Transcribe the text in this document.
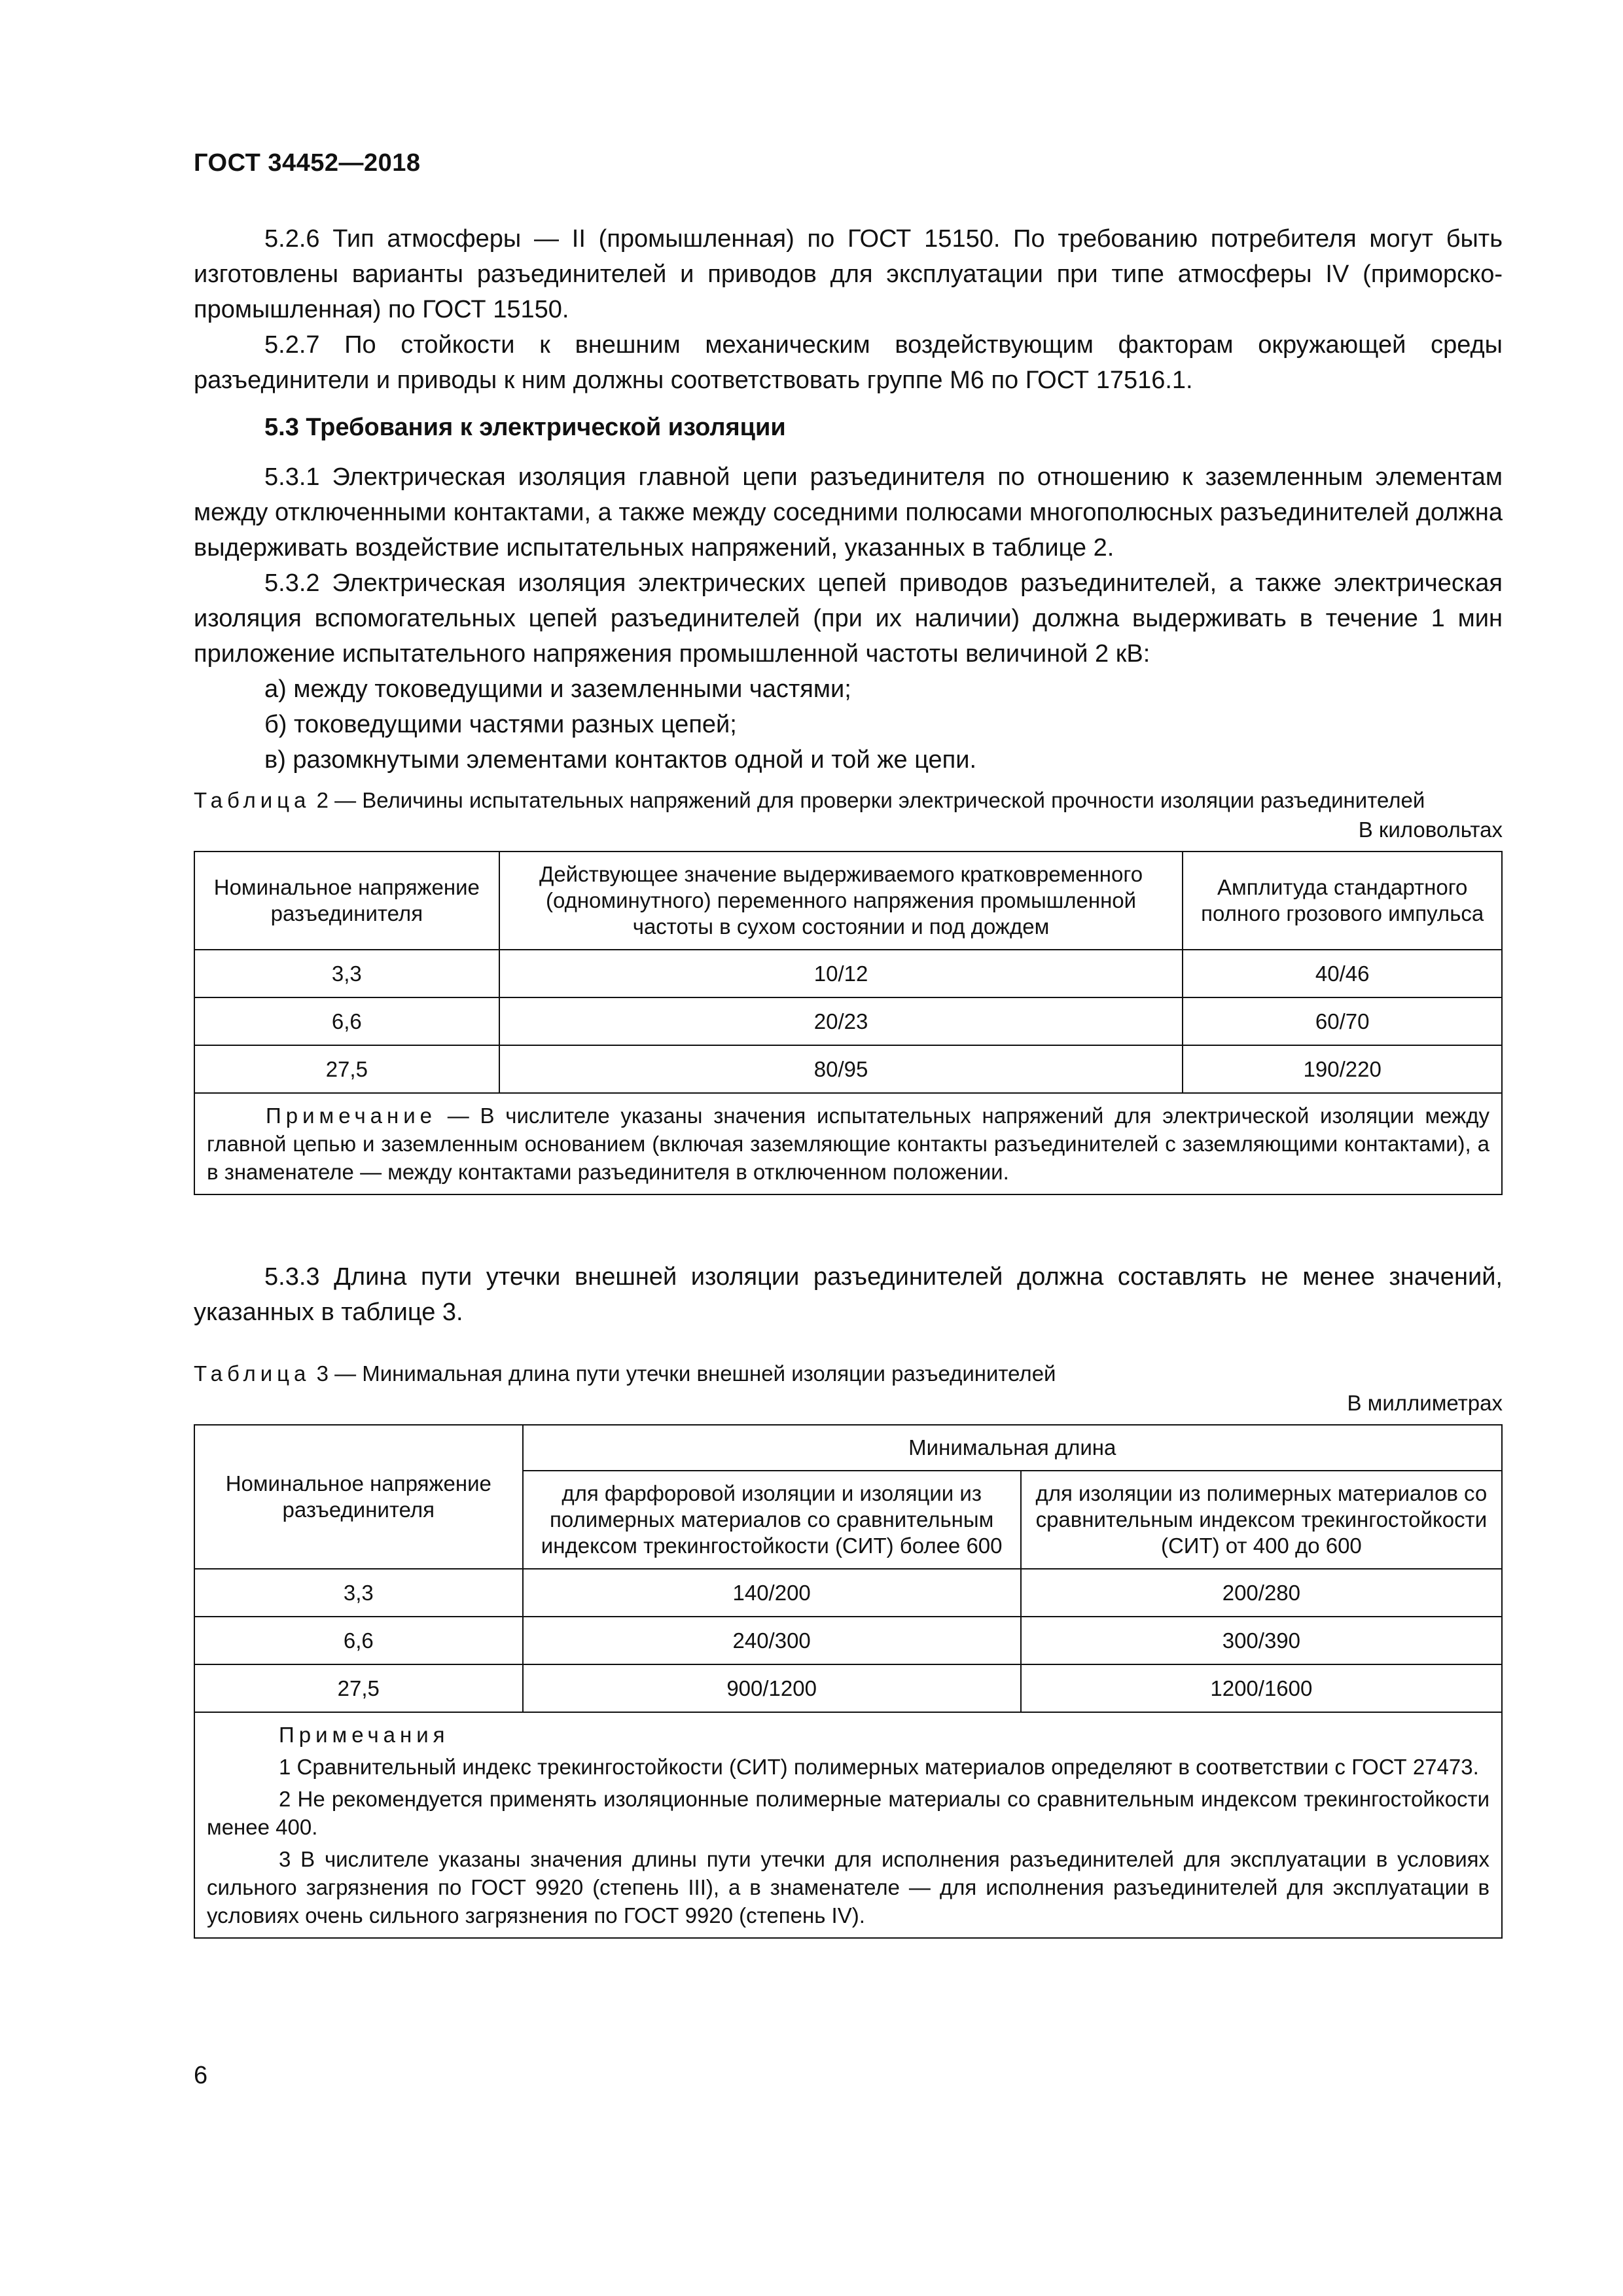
ГОСТ 34452—2018

5.2.6 Тип атмосферы — II (промышленная) по ГОСТ 15150. По требованию потребителя могут быть изготовлены варианты разъединителей и приводов для эксплуатации при типе атмосферы IV (приморско-промышленная) по ГОСТ 15150.

5.2.7 По стойкости к внешним механическим воздействующим факторам окружающей среды разъединители и приводы к ним должны соответствовать группе М6 по ГОСТ 17516.1.

5.3 Требования к электрической изоляции

5.3.1 Электрическая изоляция главной цепи разъединителя по отношению к заземленным элементам между отключенными контактами, а также между соседними полюсами многополюсных разъединителей должна выдерживать воздействие испытательных напряжений, указанных в таблице 2.

5.3.2 Электрическая изоляция электрических цепей приводов разъединителей, а также электрическая изоляция вспомогательных цепей разъединителей (при их наличии) должна выдерживать в течение 1 мин приложение испытательного напряжения промышленной частоты величиной 2 кВ:

а) между токоведущими и заземленными частями;

б) токоведущими частями разных цепей;

в) разомкнутыми элементами контактов одной и той же цепи.

Таблица 2 — Величины испытательных напряжений для проверки электрической прочности изоляции разъединителей

В киловольтах

Номинальное напряжение разъединителя	Действующее значение выдерживаемого кратковременного (одноминутного) переменного напряжения промышленной частоты в сухом состоянии и под дождем	Амплитуда стандартного полного грозового импульса
3,3	10/12	40/46
6,6	20/23	60/70
27,5	80/95	190/220
Примечание — В числителе указаны значения испытательных напряжений для электрической изоляции между главной цепью и заземленным основанием (включая заземляющие контакты разъединителей с заземляющими контактами), а в знаменателе — между контактами разъединителя в отключенном положении.		

5.3.3 Длина пути утечки внешней изоляции разъединителей должна составлять не менее значений, указанных в таблице 3.

Таблица 3 — Минимальная длина пути утечки внешней изоляции разъединителей

В миллиметрах

Номинальное напряжение разъединителя	Минимальная длина	
	для фарфоровой изоляции и изоляции из полимерных материалов со сравнительным индексом трекингостойкости (СИТ) более 600	для изоляции из полимерных материалов со сравнительным индексом трекингостойкости (СИТ) от 400 до 600
3,3	140/200	200/280
6,6	240/300	300/390
27,5	900/1200	1200/1600

Примечания

1 Сравнительный индекс трекингостойкости (СИТ) полимерных материалов определяют в соответствии с ГОСТ 27473.

2 Не рекомендуется применять изоляционные полимерные материалы со сравнительным индексом трекингостойкости менее 400.

3 В числителе указаны значения длины пути утечки для исполнения разъединителей для эксплуатации в условиях сильного загрязнения по ГОСТ 9920 (степень III), а в знаменателе — для исполнения разъединителей для эксплуатации в условиях очень сильного загрязнения по ГОСТ 9920 (степень IV).		

6
